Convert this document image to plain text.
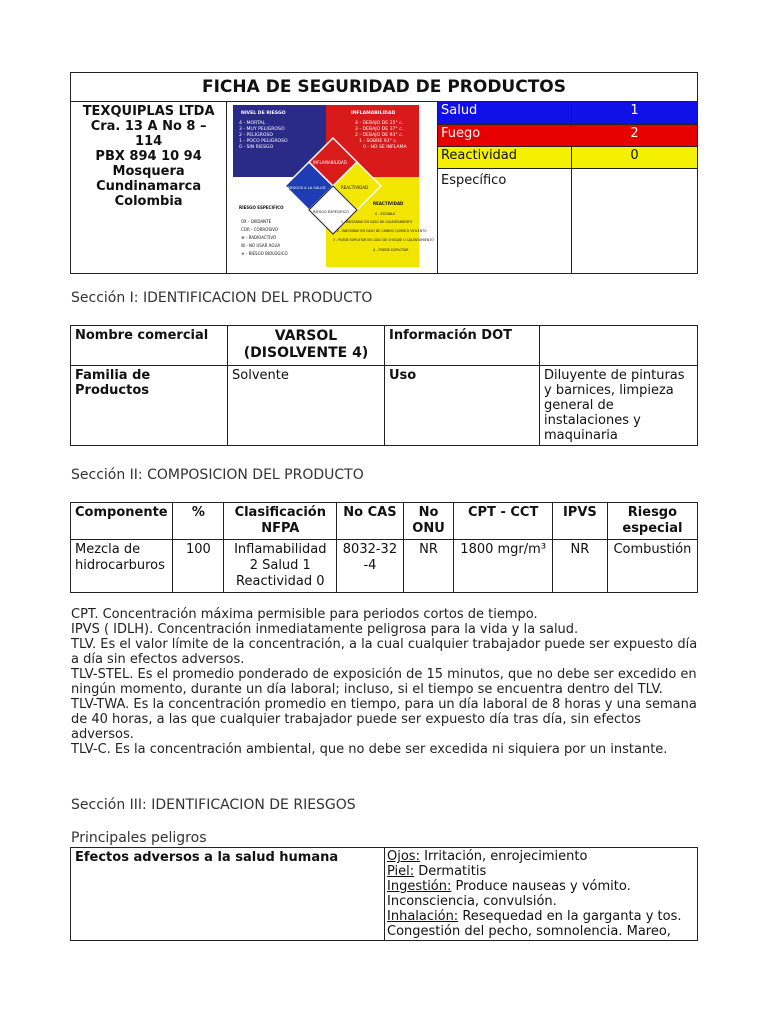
FICHA DE SEGURIDAD DE PRODUCTOS

TEXQUIPLAS LTDA
Cra. 13 A No 8 – 114
PBX 894 10 94
Mosquera
Cundinamarca
Colombia

NIVEL DE RIESGO
4 - MORTAL
3 - MUY PELIGROSO
2 - PELIGROSO
1 - POCO PELIGROSO
0 - SIN RIESGO
INFLAMABILIDAD
4 - DEBAJO DE 25° c.
3 - DEBAJO DE 37° c.
2 - DEBAJO DE 93° c.
1 - SOBRE 93° c.
0 - NO SE INFLAMA
INFLAMABILIDAD
RIESGOS A LA SALUD	REACTIVIDAD
RIESGO ESPECIFICO
RIESGO ESPECIFICO
OX - OXIDANTE
COR - CORROSIVO
☢ - RADIOACTIVO
W - NO USAR AGUA
☣ - RIESGO BIOLOGICO
REACTIVIDAD
0 - ESTABLE
1 - INESTABLE EN CASO DE CALENTAMIENTO
2 - INESTABLE EN CASO DE CAMBIO QUIMICO VIOLENTO
3 - PUEDE EXPLOTAR EN CASO DE CHOQUE O CALENTAMIENTO
4 - PUEDE EXPLOTAR

Salud	1
Fuego	2
Reactividad	0
Específico	
Sección I: IDENTIFICACION DEL PRODUCTO
Nombre comercial	VARSOL (DISOLVENTE 4)	Información DOT	
Familia de Productos	Solvente	Uso	Diluyente de pinturas y barnices, limpieza general de instalaciones y maquinaria
Sección II: COMPOSICION DEL PRODUCTO
Componente	%	Clasificación NFPA	No CAS	No ONU	CPT - CCT	IPVS	Riesgo especial
Mezcla de hidrocarburos	100	Inflamabilidad 2 Salud 1 Reactividad 0	8032-32-4	NR	1800 mgr/m³	NR	Combustión
CPT. Concentración máxima permisible para periodos cortos de tiempo.
IPVS ( IDLH). Concentración inmediatamente peligrosa para la vida y la salud.
TLV. Es el valor límite de la concentración, a la cual cualquier trabajador puede ser expuesto día a día sin efectos adversos.
TLV-STEL. Es el promedio ponderado de exposición de 15 minutos, que no debe ser excedido en ningún momento, durante un día laboral; incluso, si el tiempo se encuentra dentro del TLV.
TLV-TWA. Es la concentración promedio en tiempo, para un día laboral de 8 horas y una semana de 40 horas, a las que cualquier trabajador puede ser expuesto día tras día, sin efectos adversos.
TLV-C. Es la concentración ambiental, que no debe ser excedida ni siquiera por un instante.
Sección III: IDENTIFICACION DE RIESGOS
Principales peligros
Efectos adversos a la salud humana	Ojos: Irritación, enrojecimiento
Piel: Dermatitis
Ingestión: Produce nauseas y vómito. Inconsciencia, convulsión.
Inhalación: Resequedad en la garganta y tos. Congestión del pecho, somnolencia. Mareo,
